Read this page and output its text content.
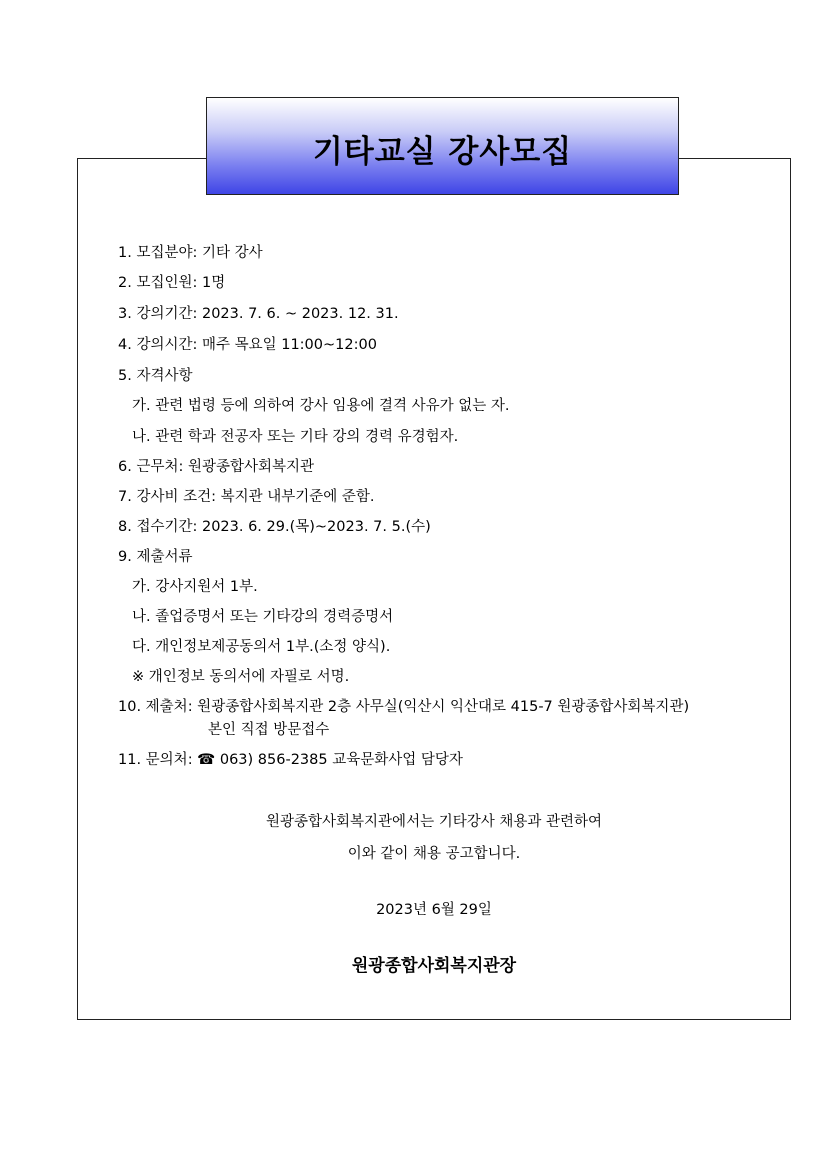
기타교실 강사모집
1. 모집분야: 기타 강사
2. 모집인원: 1명
3. 강의기간: 2023. 7. 6. ~ 2023. 12. 31.
4. 강의시간: 매주 목요일 11:00~12:00
5. 자격사항
가. 관련 법령 등에 의하여 강사 임용에 결격 사유가 없는 자.
나. 관련 학과 전공자 또는 기타 강의 경력 유경험자.
6. 근무처: 원광종합사회복지관
7. 강사비 조건: 복지관 내부기준에 준함.
8. 접수기간: 2023. 6. 29.(목)~2023. 7. 5.(수)
9. 제출서류
가. 강사지원서 1부.
나. 졸업증명서 또는 기타강의 경력증명서
다. 개인정보제공동의서 1부.(소정 양식).
※ 개인정보 동의서에 자필로 서명.
10. 제출처: 원광종합사회복지관 2층 사무실(익산시 익산대로 415-7 원광종합사회복지관)
본인 직접 방문접수
11. 문의처: ☎ 063) 856-2385 교육문화사업 담당자
원광종합사회복지관에서는 기타강사 채용과 관련하여
이와 같이 채용 공고합니다.
2023년 6월 29일
원광종합사회복지관장
